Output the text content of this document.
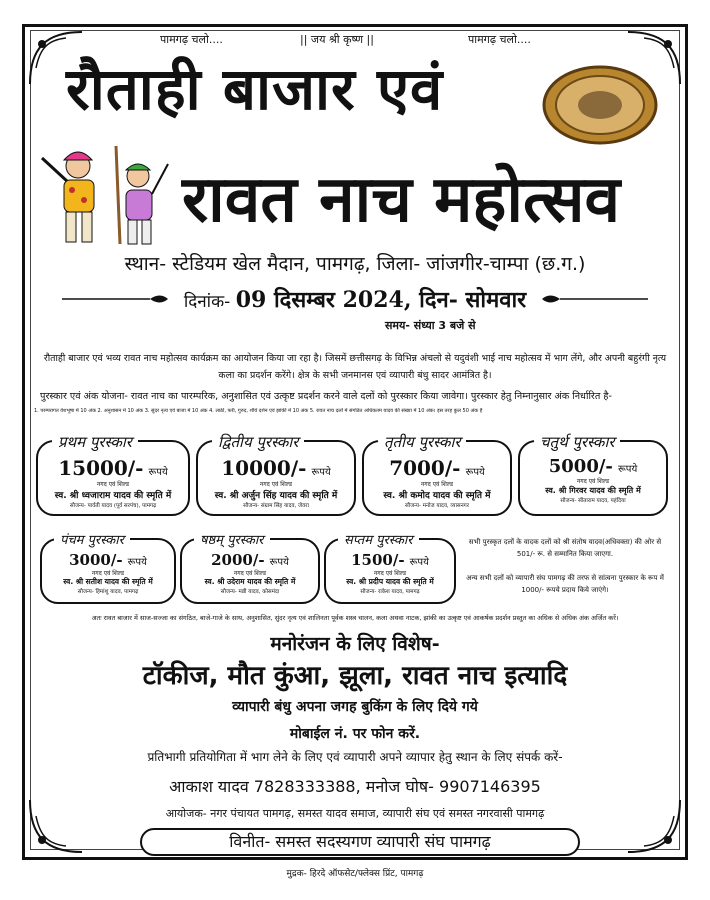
पामगढ़ चलो....	|| जय श्री कृष्ण ||	पामगढ़ चलो....
रौताही बाजार एवं
रावत नाच महोत्सव
स्थान- स्टेडियम खेल मैदान, पामगढ़, जिला- जांजगीर-चाम्पा (छ.ग.)
दिनांक- 09 दिसम्बर 2024, दिन- सोमवार
समय- संध्या 3 बजे से
रौताही बाजार एवं भव्य रावत नाच महोत्सव कार्यक्रम का आयोजन किया जा रहा है। जिसमें छत्तीसगढ़ के विभिन्न अंचलो से यदुवंशी भाई नाच महोत्सव में भाग लेंगे, और अपनी बहुरंगी नृत्य कला का प्रदर्शन करेंगे। क्षेत्र के सभी जनमानस एवं व्यापारी बंधु सादर आमंत्रित है।
पुरस्कार एवं अंक योजना- रावत नाच का पारम्परिक, अनुशासित एवं उत्कृष्ट प्रदर्शन करने वाले दलों को पुरस्कार किया जावेगा। पुरस्कार हेतु निम्नानुसार अंक निर्धारित है-
1. परम्परागत वेशभूषा में 10 अंक 2. अनुशासन में 10 अंक 3. सुंदर नृत्य एवं बाजा में 10 अंक 4. लाठी, फरी, गुरुद, शौर्य दर्शन एवं झांकी में 10 अंक 5. रावत नाच दलों में संगठित अधिकतम यादव की संख्या में 10 अंक। इस तरह कुल 50 अंक है
प्रथम पुरस्कार
15000/- रूपये
नगद एवं शिल्ड
स्व. श्री ध्वजाराम यादव की स्मृति में
सौजन्य- पार्वती यादव (पूर्व सरपंच), पामगढ़
द्वितीय पुरस्कार
10000/- रूपये
नगद एवं शिल्ड
स्व. श्री अर्जुन सिंह यादव की स्मृति में
सौजन्य- संग्राम सिंह यादव, जेवरा
तृतीय पुरस्कार
7000/- रूपये
नगद एवं शिल्ड
स्व. श्री कमोद यादव की स्मृति में
सौजन्य- मनोज यादव, व्यासनगर
चतुर्थ पुरस्कार
5000/- रूपये
नगद एवं शिल्ड
स्व. श्री गिरवर यादव की स्मृति में
सौजन्य- सीताराम यादव, पहंदिया
पंचम पुरस्कार
3000/- रूपये
नगद एवं शिल्ड
स्व. श्री सतीश यादव की स्मृति में
सौजन्य- हिमांशु यादव, पामगढ़
षष्ठम् पुरस्कार
2000/- रूपये
नगद एवं शिल्ड
स्व. श्री उदेराम यादव की स्मृति में
सौजन्य- मन्नी यादव, कोसमंदा
सप्तम पुरस्कार
1500/- रूपये
नगद एवं शिल्ड
स्व. श्री प्रदीप यादव की स्मृति में
सौजन्य- राकेश यादव, पामगढ़
सभी पुरस्कृत दलों के वादक दलों को श्री संतोष यादव(अधिवक्ता) की ओर से 501/- रू. से सम्मानित किया जाएगा.
अन्य सभी दलों को व्यापारी संघ पामगढ़ की तरफ से सांत्वना पुरस्कार के रूप में 1000/- रूपये प्रदाय किये जाएंगे।
अतः रावत बाजार में साज-सज्जा का संगठित, बाजे-गाजे के साथ, अनुशासित, सुंदर नृत्य एवं शालिनता पूर्वक शस्त्र चालन, कला अथवा नाटक, झांकी का उत्कृष्ट एवं आकर्षक प्रदर्शन प्रस्तुत का अधिक से अधिक अंक अर्जित करें।
मनोरंजन के लिए विशेष-
टॉकीज, मौत कुंआ, झूला, रावत नाच इत्यादि
व्यापारी बंधु अपना जगह बुकिंग के लिए दिये गये
मोबाईल नं. पर फोन करें.
प्रतिभागी प्रतियोगिता में भाग लेने के लिए एवं व्यापारी अपने व्यापार हेतु स्थान के लिए संपर्क करें-
आकाश यादव 7828333388, मनोज घोष- 9907146395
आयोजक- नगर पंचायत पामगढ़, समस्त यादव समाज, व्यापारी संघ एवं समस्त नगरवासी पामगढ़
विनीत- समस्त सदस्यगण व्यापारी संघ पामगढ़
मुद्रक- हिरदे ऑफसेट/फ्लेक्स प्रिंट, पामगढ़
